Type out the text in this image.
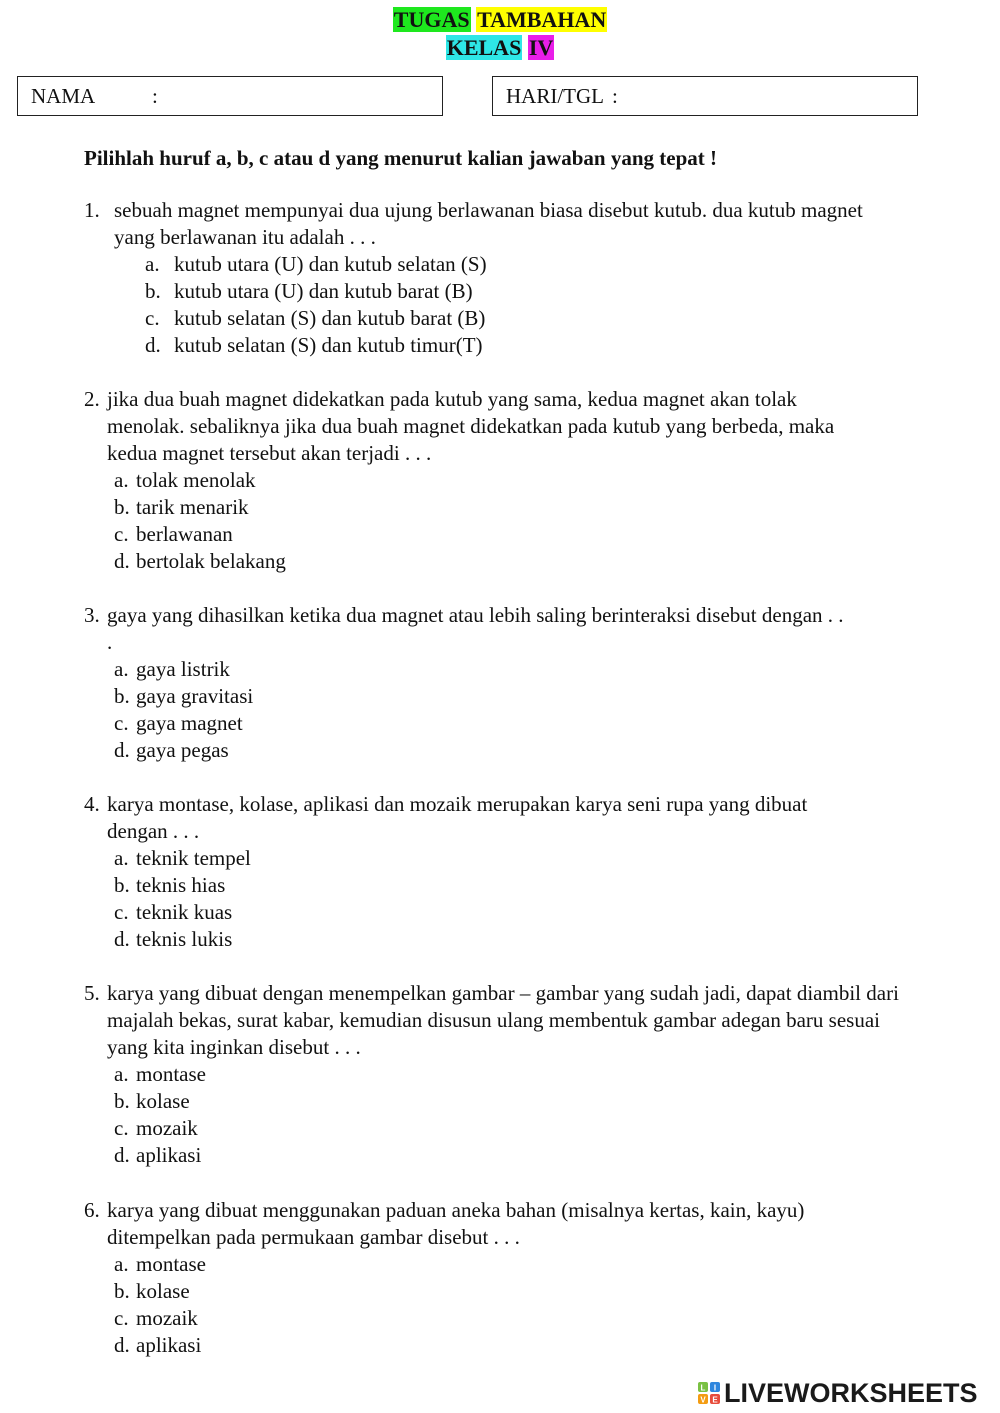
TUGAS TAMBAHAN
KELAS IV
NAMA	:	HARI/TGL :
Pilihlah huruf a, b, c atau d yang menurut kalian jawaban yang tepat !
1. sebuah magnet mempunyai dua ujung berlawanan biasa disebut kutub. dua kutub magnet yang berlawanan itu adalah . . .
a. kutub utara (U) dan kutub selatan (S)
b. kutub utara (U) dan kutub barat (B)
c. kutub selatan (S) dan kutub barat (B)
d. kutub selatan (S) dan kutub timur(T)
2. jika dua buah magnet didekatkan pada kutub yang sama, kedua magnet akan tolak menolak. sebaliknya jika dua buah magnet didekatkan pada kutub yang berbeda, maka kedua magnet tersebut akan terjadi . . .
a. tolak menolak
b. tarik menarik
c. berlawanan
d. bertolak belakang
3. gaya yang dihasilkan ketika dua magnet atau lebih saling berinteraksi disebut dengan . . .
a. gaya listrik
b. gaya gravitasi
c. gaya magnet
d. gaya pegas
4. karya montase, kolase, aplikasi dan mozaik merupakan karya seni rupa yang dibuat dengan . . .
a. teknik tempel
b. teknis hias
c. teknik kuas
d. teknis lukis
5. karya yang dibuat dengan menempelkan gambar – gambar yang sudah jadi, dapat diambil dari majalah bekas, surat kabar, kemudian disusun ulang membentuk gambar adegan baru sesuai yang kita inginkan disebut . . .
a. montase
b. kolase
c. mozaik
d. aplikasi
6. karya yang dibuat menggunakan paduan aneka bahan (misalnya kertas, kain, kayu) ditempelkan pada permukaan gambar disebut . . .
a. montase
b. kolase
c. mozaik
d. aplikasi
L I
V E LIVEWORKSHEETS
